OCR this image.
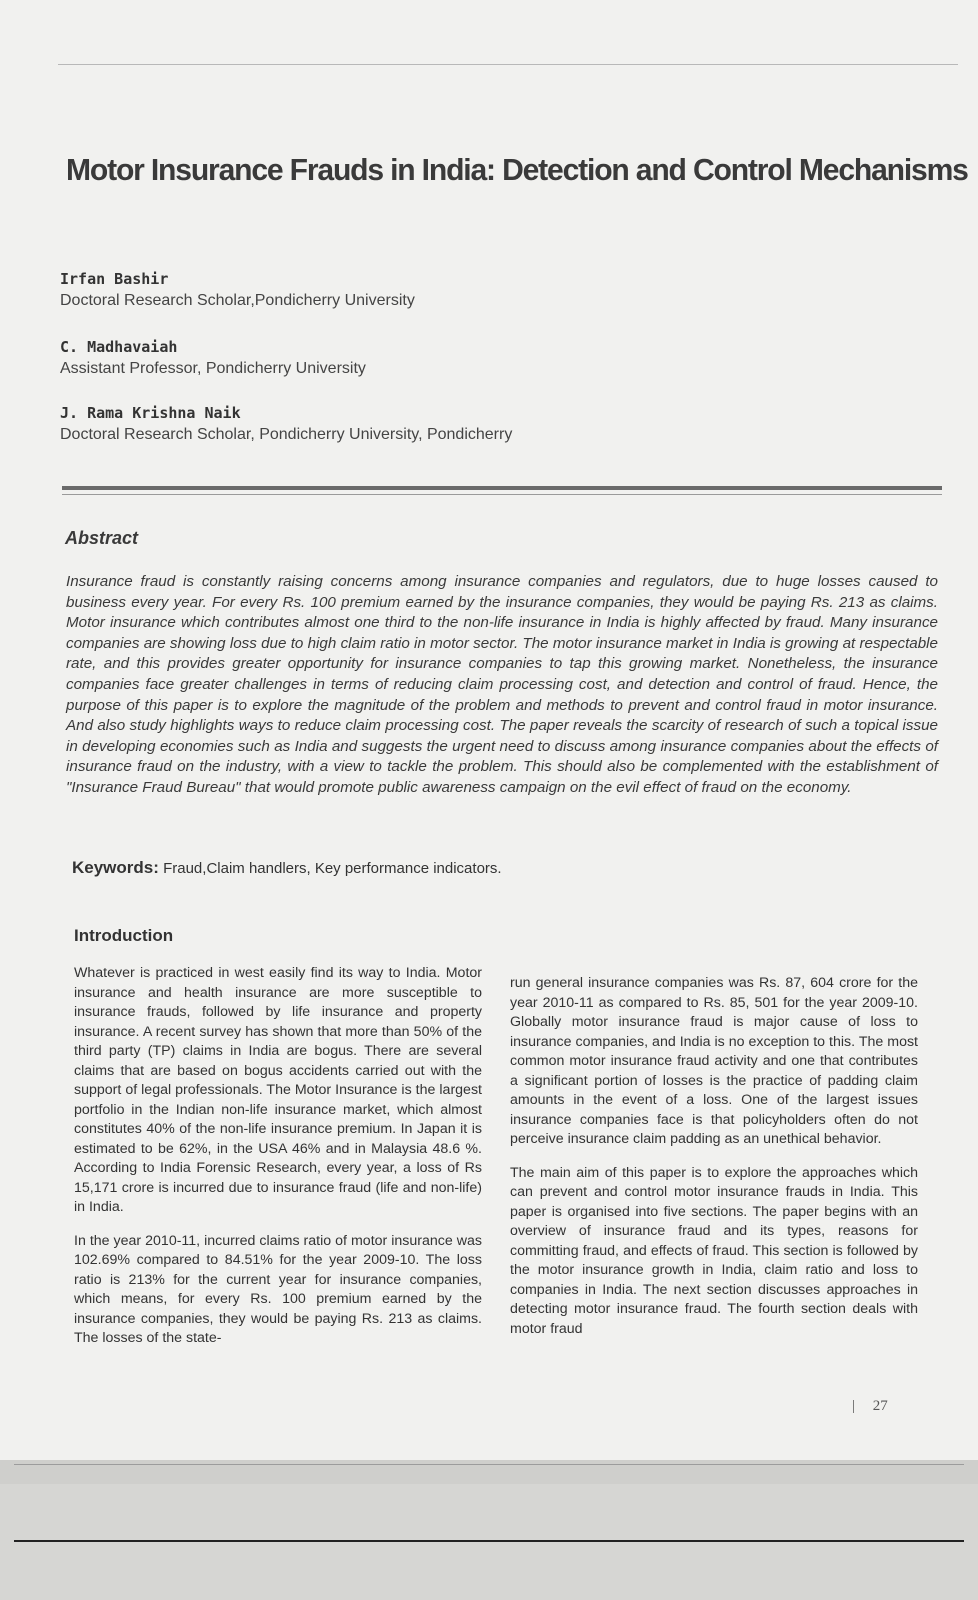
Motor Insurance Frauds in India: Detection and Control Mechanisms
Irfan Bashir
Doctoral Research Scholar,Pondicherry University
C. Madhavaiah
Assistant Professor, Pondicherry University
J. Rama Krishna Naik
Doctoral Research Scholar, Pondicherry University, Pondicherry
Abstract
Insurance fraud is constantly raising concerns among insurance companies and regulators, due to huge losses caused to business every year. For every Rs. 100 premium earned by the insurance companies, they would be paying Rs. 213 as claims. Motor insurance which contributes almost one third to the non-life insurance in India is highly affected by fraud. Many insurance companies are showing loss due to high claim ratio in motor sector. The motor insurance market in India is growing at respectable rate, and this provides greater opportunity for insurance companies to tap this growing market. Nonetheless, the insurance companies face greater challenges in terms of reducing claim processing cost, and detection and control of fraud. Hence, the purpose of this paper is to explore the magnitude of the problem and methods to prevent and control fraud in motor insurance. And also study highlights ways to reduce claim processing cost. The paper reveals the scarcity of research of such a topical issue in developing economies such as India and suggests the urgent need to discuss among insurance companies about the effects of insurance fraud on the industry, with a view to tackle the problem. This should also be complemented with the establishment of "Insurance Fraud Bureau" that would promote public awareness campaign on the evil effect of fraud on the economy.
Keywords: Fraud,Claim handlers, Key performance indicators.
Introduction

Whatever is practiced in west easily find its way to India. Motor insurance and health insurance are more susceptible to insurance frauds, followed by life insurance and property insurance. A recent survey has shown that more than 50% of the third party (TP) claims in India are bogus. There are several claims that are based on bogus accidents carried out with the support of legal professionals. The Motor Insurance is the largest portfolio in the Indian non-life insurance market, which almost constitutes 40% of the non-life insurance premium. In Japan it is estimated to be 62%, in the USA 46% and in Malaysia 48.6 %. According to India Forensic Research, every year, a loss of Rs 15,171 crore is incurred due to insurance fraud (life and non-life) in India.

In the year 2010-11, incurred claims ratio of motor insurance was 102.69% compared to 84.51% for the year 2009-10. The loss ratio is 213% for the current year for insurance companies, which means, for every Rs. 100 premium earned by the insurance companies, they would be paying Rs. 213 as claims. The losses of the state-

run general insurance companies was Rs. 87, 604 crore for the year 2010-11 as compared to Rs. 85, 501 for the year 2009-10. Globally motor insurance fraud is major cause of loss to insurance companies, and India is no exception to this. The most common motor insurance fraud activity and one that contributes a significant portion of losses is the practice of padding claim amounts in the event of a loss. One of the largest issues insurance companies face is that policyholders often do not perceive insurance claim padding as an unethical behavior.

The main aim of this paper is to explore the approaches which can prevent and control motor insurance frauds in India. This paper is organised into five sections. The paper begins with an overview of insurance fraud and its types, reasons for committing fraud, and effects of fraud. This section is followed by the motor insurance growth in India, claim ratio and loss to companies in India. The next section discusses approaches in detecting motor insurance fraud. The fourth section deals with motor fraud

| 27
